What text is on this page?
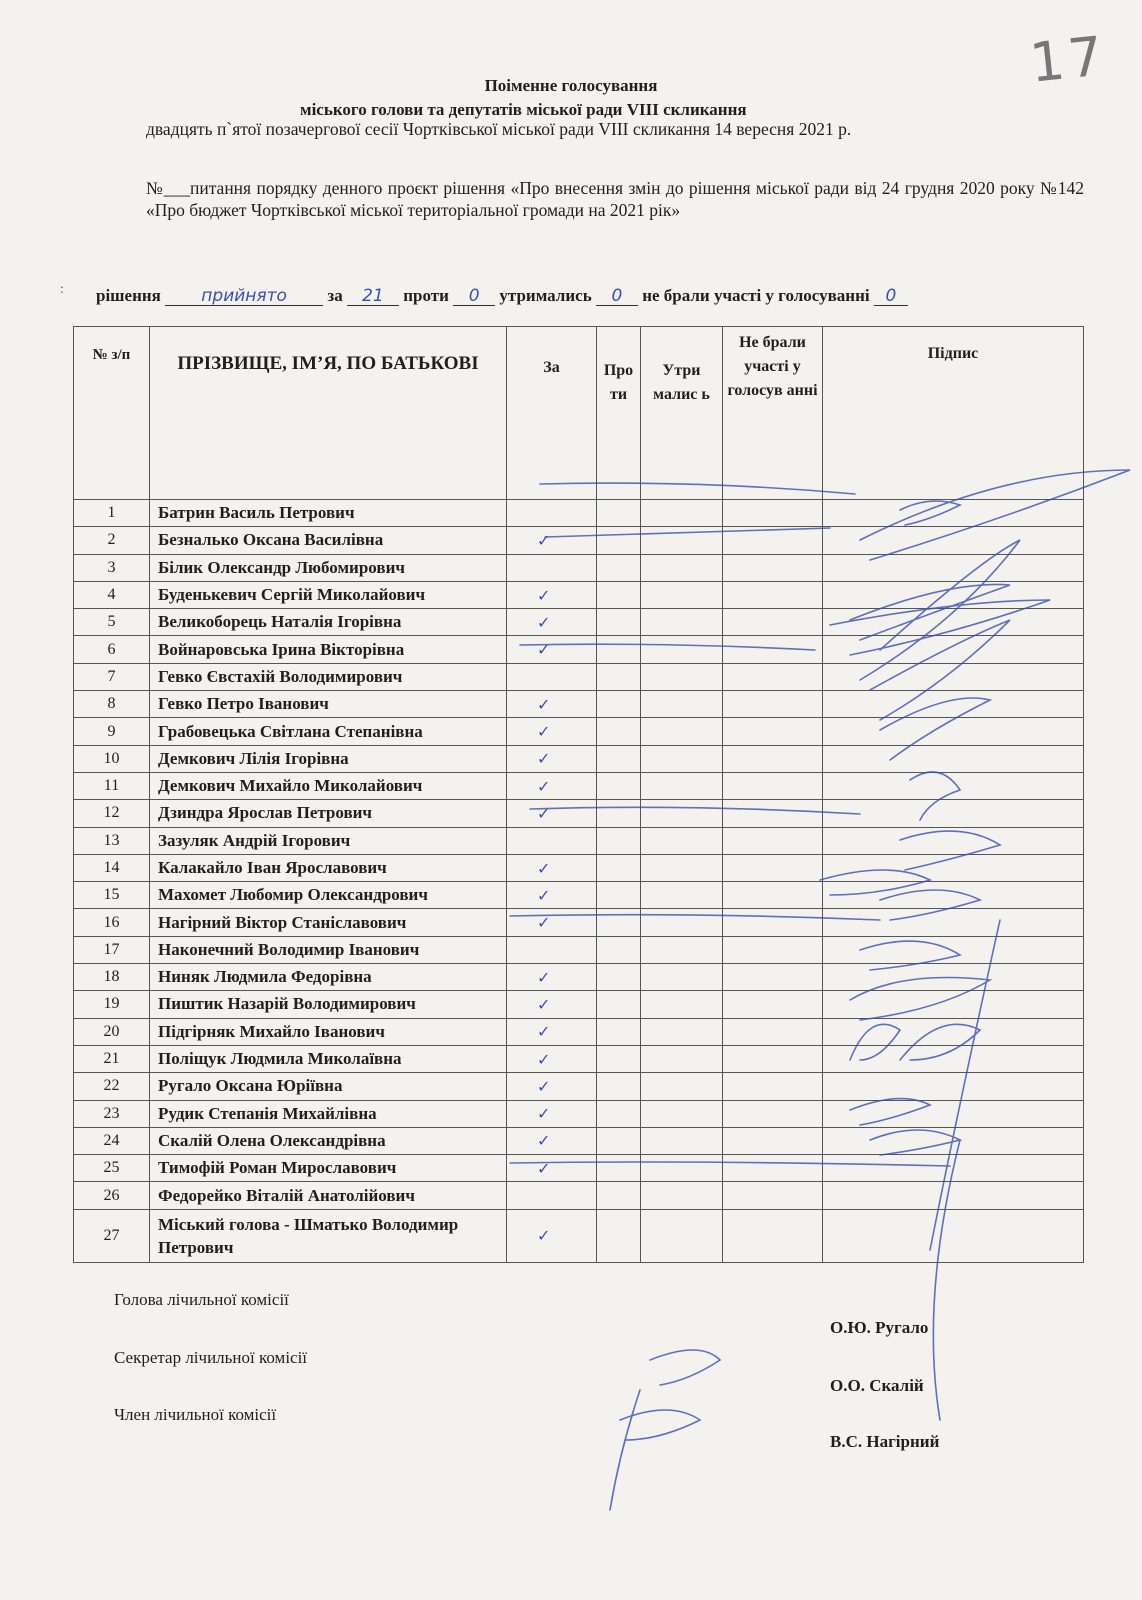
17
Поіменне голосування
міського голови та депутатів міської ради VIII скликання
двадцять п`ятої позачергової сесії Чортківської міської ради VIII скликання 14 вересня 2021 р.
№___питання порядку денного проєкт рішення «Про внесення змін до рішення міської ради від 24 грудня 2020 року №142 «Про бюджет Чортківської міської територіальної громади на 2021 рік»
:	рішення прийнято за 21 проти 0 утримались 0 не брали участі у голосуванні 0
№ з/п	ПРІЗВИЩЕ, ІМ’Я, ПО БАТЬКОВІ	За	Про ти	Утри малис ь	Не брали участі у голосув анні	Підпис
1	Батрин Василь Петрович					
2	Безналько Оксана Василівна	✓				
3	Білик Олександр Любомирович					
4	Буденькевич Сергій Миколайович	✓				
5	Великоборець Наталія Ігорівна	✓				
6	Войнаровська Ірина Вікторівна	✓				
7	Гевко Євстахій Володимирович					
8	Гевко Петро Іванович	✓				
9	Грабовецька Світлана Степанівна	✓				
10	Демкович Лілія Ігорівна	✓				
11	Демкович Михайло Миколайович	✓				
12	Дзиндра Ярослав Петрович	✓				
13	Зазуляк Андрій Ігорович					
14	Калакайло Іван Ярославович	✓				
15	Махомет Любомир Олександрович	✓				
16	Нагірний Віктор Станіславович	✓				
17	Наконечний Володимир Іванович					
18	Ниняк Людмила Федорівна	✓				
19	Пиштик Назарій Володимирович	✓				
20	Підгірняк Михайло Іванович	✓				
21	Поліщук Людмила Миколаївна	✓				
22	Ругало Оксана Юріївна	✓				
23	Рудик Степанія Михайлівна	✓				
24	Скалій Олена Олександрівна	✓				
25	Тимофій Роман Мирославович	✓				
26	Федорейко Віталій Анатолійович					
27	Міський голова - Шматько Володимир Петрович	✓				
Голова лічильної комісії
О.Ю. Ругало
Секретар лічильної комісії
О.О. Скалій
Член лічильної комісії
В.С. Нагірний
